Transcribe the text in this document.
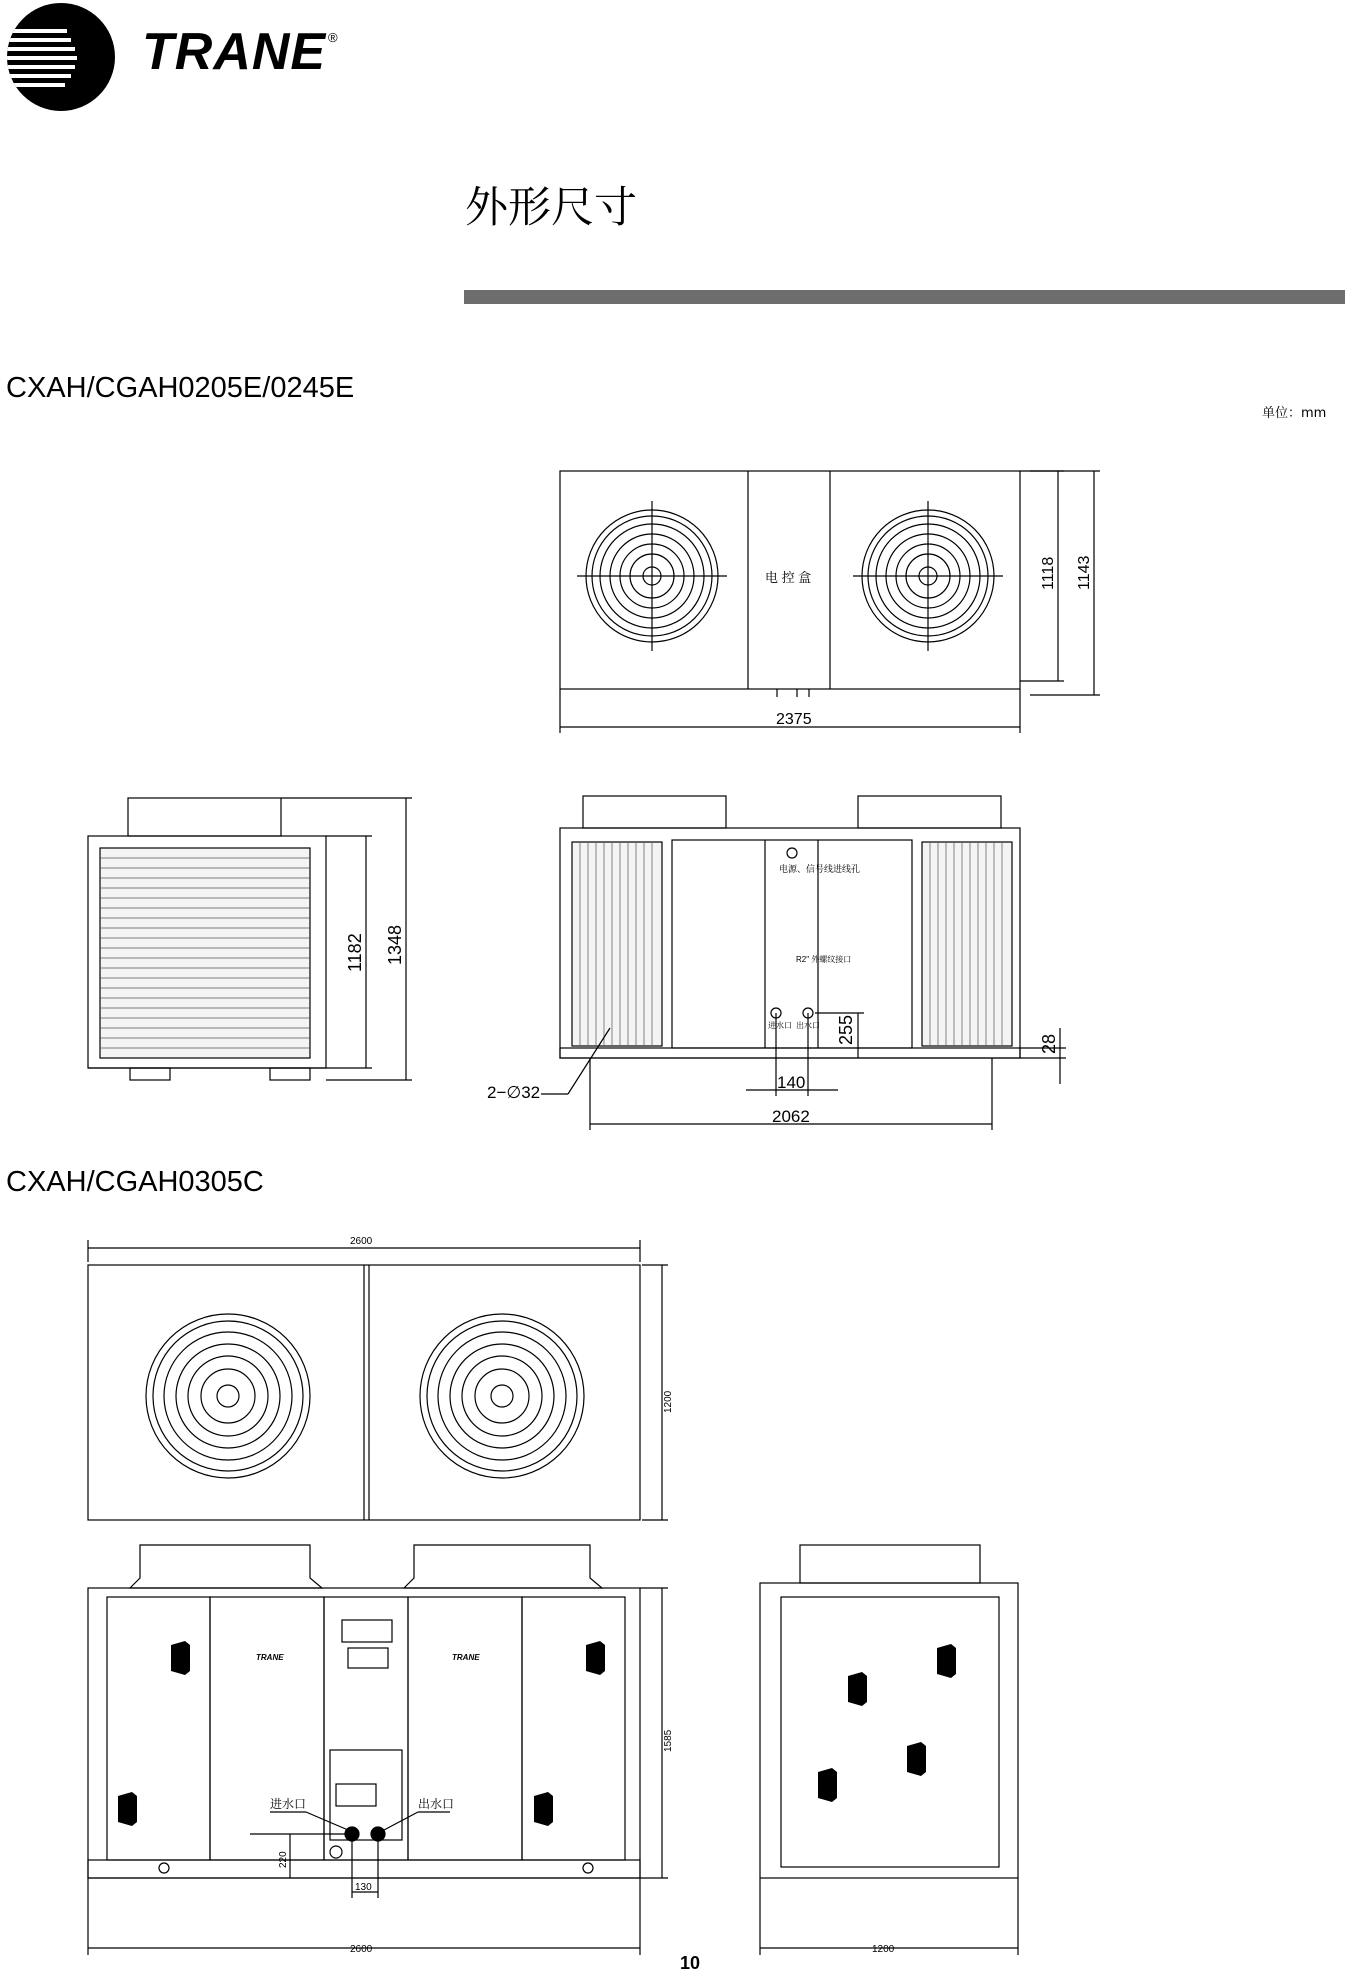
TRANE ®
外形尺寸
CXAH/CGAH0205E/0245E
单位：mm
CXAH/CGAH0305C
电 控 盒
2375
1118 1143
1182 1348
电源、信号线进线孔
R2" 外螺纹接口
进水口 出水口 255	28
140
2062
2−∅32
2600
1200
TRANE	TRANE
进水口	出水口
220
130
1585
2600	1200
10
